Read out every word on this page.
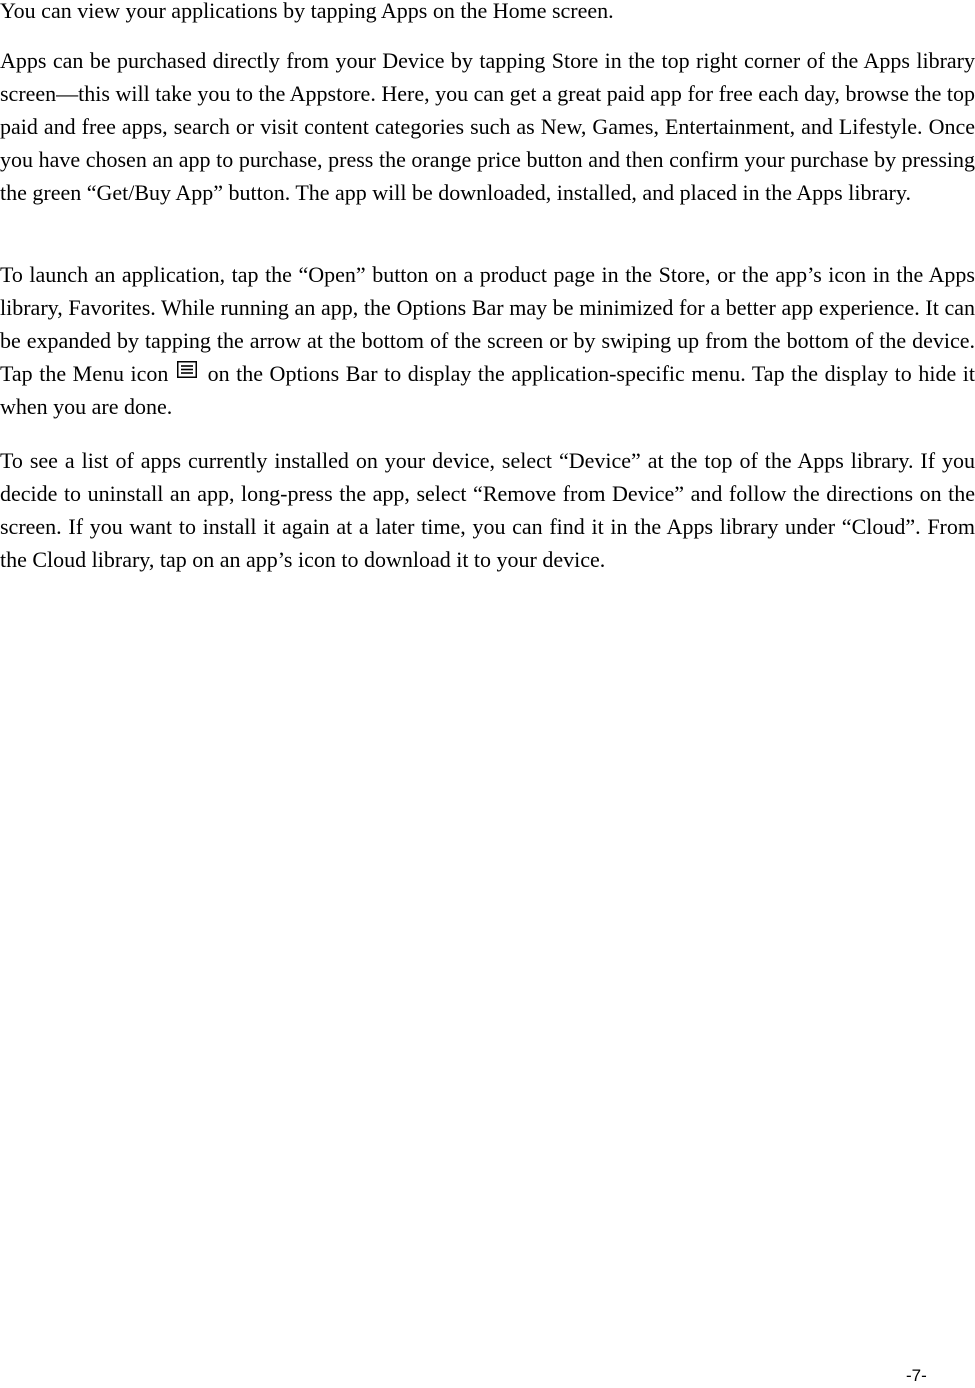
You can view your applications by tapping Apps on the Home screen.

Apps can be purchased directly from your Device by tapping Store in the top right corner of the Apps library screen—this will take you to the Appstore. Here, you can get a great paid app for free each day, browse the top paid and free apps, search or visit content categories such as New, Games, Entertainment, and Lifestyle. Once you have chosen an app to purchase, press the orange price button and then confirm your purchase by pressing the green “Get/Buy App” button. The app will be downloaded, installed, and placed in the Apps library.

To launch an application, tap the “Open” button on a product page in the Store, or the app’s icon in the Apps library, Favorites. While running an app, the Options Bar may be minimized for a better app experience. It can be expanded by tapping the arrow at the bottom of the screen or by swiping up from the bottom of the device. Tap the Menu icon on the Options Bar to display the application-specific menu. Tap the display to hide it when you are done.

To see a list of apps currently installed on your device, select “Device” at the top of the Apps library. If you decide to uninstall an app, long-press the app, select “Remove from Device” and follow the directions on the screen. If you want to install it again at a later time, you can find it in the Apps library under “Cloud”. From the Cloud library, tap on an app’s icon to download it to your device.

-7-
